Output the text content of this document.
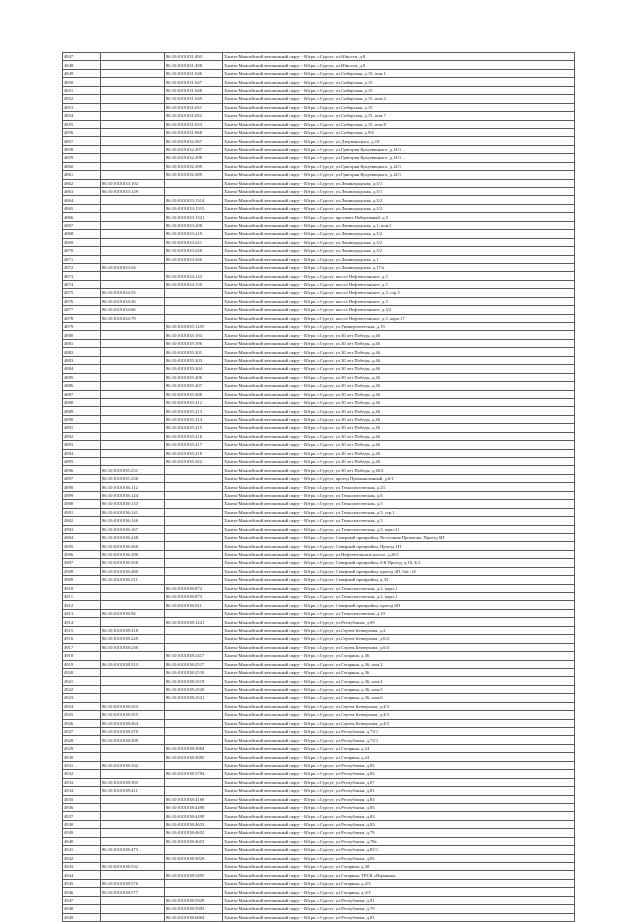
4847		86:10:0101031:493	Ханты-Мансийский автономный округ - Югра, г.Сургут, ул.Юности, д.8
4848		86:10:0101031:498	Ханты-Мансийский автономный округ - Югра, г.Сургут, ул.Юности, д.8
4849		86:10:0101031:646	Ханты-Мансийский автономный округ - Югра, г.Сургут, ул.Сибирская, д.15, пом.1
4850		86:10:0101031:647	Ханты-Мансийский автономный округ - Югра, г.Сургут, ул.Сибирская, д.15
4851		86:10:0101031:648	Ханты-Мансийский автономный округ - Югра, г.Сургут, ул.Сибирская, д.15
4852		86:10:0101031:649	Ханты-Мансийский автономный округ - Югра, г.Сургут, ул.Сибирская, д.15, пом.4
4853		86:10:0101031:651	Ханты-Мансийский автономный округ - Югра, г.Сургут, ул.Сибирская, д.15
4854		86:10:0101031:652	Ханты-Мансийский автономный округ - Югра, г.Сургут, ул.Сибирская, д.15, пом.7
4855		86:10:0101031:653	Ханты-Мансийский автономный округ - Югра, г.Сургут, ул.Сибирская, д.15, пом.8
4856		86:10:0101031:968	Ханты-Мансийский автономный округ - Югра, г.Сургут, ул.Сибирская, д.9/6
4857		86:10:0101032:367	Ханты-Мансийский автономный округ - Югра, г.Сургут, ул.Дзержинского, д.18
4858		86:10:0101032:297	Ханты-Мансийский автономный округ - Югра, г.Сургут, ул.Григория Кукуевицкого, д.14/1
4859		86:10:0101032:298	Ханты-Мансийский автономный округ - Югра, г.Сургут, ул.Григория Кукуевицкого, д.14/1
4860		86:10:0101032:299	Ханты-Мансийский автономный округ - Югра, г.Сургут, ул.Григория Кукуевицкого, д.14/1
4861		86:10:0101032:289	Ханты-Мансийский автономный округ - Югра, г.Сургут, ул.Григория Кукуевицкого, д.14/1
4862	86:10:0101033:102		Ханты-Мансийский автономный округ - Югра, г.Сургут, ул.Ленинградская, д.3/1
4863	86:10:0101033:129		Ханты-Мансийский автономный округ - Югра, г.Сургут, ул.Ленинградская, д.3/1
4864		86:10:0101033:1314	Ханты-Мансийский автономный округ - Югра, г.Сургут, ул.Ленинградская, д.3/2
4865		86:10:0101033:1315	Ханты-Мансийский автономный округ - Югра, г.Сургут, ул.Ленинградская, д.3/2
4866		86:10:0101033:1321	Ханты-Мансийский автономный округ - Югра, г.Сургут, проспект Набережный, д.9
4867		86:10:0101033:208	Ханты-Мансийский автономный округ - Югра, г.Сургут, ул.Ленинградская, д.1, пом.1
4868		86:10:0101033:219	Ханты-Мансийский автономный округ - Югра, г.Сургут, ул.Ленинградская, д.3/2
4869		86:10:0101033:221	Ханты-Мансийский автономный округ - Югра, г.Сургут, ул.Ленинградская, д.3/2
4870		86:10:0101033:226	Ханты-Мансийский автономный округ - Югра, г.Сургут, ул.Ленинградская, д.3/2
4871		86:10:0101033:346	Ханты-Мансийский автономный округ - Югра, г.Сургут, ул.Ленинградская, д.1
4872	86:10:0101033:94		Ханты-Мансийский автономный округ - Югра, г.Сургут, ул.Ленинградская, д.17/а
4873		86:10:0101034:143	Ханты-Мансийский автономный округ - Югра, г.Сургут, шоссе Нефтеюганское, д.5
4874		86:10:0101034:150	Ханты-Мансийский автономный округ - Югра, г.Сургут, шоссе Нефтеюганское, д.5
4875	86:10:0101034:55		Ханты-Мансийский автономный округ - Югра, г.Сургут, шоссе Нефтеюганское, д.3, стр.5
4876	86:10:0101034:56		Ханты-Мансийский автономный округ - Югра, г.Сургут, шоссе Нефтеюганское, д.3
4877	86:10:0101034:66		Ханты-Мансийский автономный округ - Югра, г.Сургут, шоссе Нефтеюганское, д.3/2
4878	86:10:0101034:78		Ханты-Мансийский автономный округ - Югра, г.Сургут, шоссе Нефтеюганское, д.5, корп.17
4879		86:10:0101035:1255	Ханты-Мансийский автономный округ - Югра, г.Сургут, ул.Университетская, д.19
4880		86:10:0101035:194	Ханты-Мансийский автономный округ - Югра, г.Сургут, ул.30 лет Победы, д.46
4881		86:10:0101035:196	Ханты-Мансийский автономный округ - Югра, г.Сургут, ул.30 лет Победы, д.46
4882		86:10:0101035:201	Ханты-Мансийский автономный округ - Югра, г.Сургут, ул.30 лет Победы, д.46
4883		86:10:0101035:203	Ханты-Мансийский автономный округ - Югра, г.Сургут, ул.30 лет Победы, д.46
4884		86:10:0101035:204	Ханты-Мансийский автономный округ - Югра, г.Сургут, ул.30 лет Победы, д.46
4885		86:10:0101035:206	Ханты-Мансийский автономный округ - Югра, г.Сургут, ул.30 лет Победы, д.46
4886		86:10:0101035:207	Ханты-Мансийский автономный округ - Югра, г.Сургут, ул.30 лет Победы, д.46
4887		86:10:0101035:208	Ханты-Мансийский автономный округ - Югра, г.Сургут, ул.30 лет Победы, д.46
4888		86:10:0101035:212	Ханты-Мансийский автономный округ - Югра, г.Сургут, ул.30 лет Победы, д.46
4889		86:10:0101035:213	Ханты-Мансийский автономный округ - Югра, г.Сургут, ул.30 лет Победы, д.46
4890		86:10:0101035:214	Ханты-Мансийский автономный округ - Югра, г.Сургут, ул.30 лет Победы, д.46
4891		86:10:0101035:215	Ханты-Мансийский автономный округ - Югра, г.Сургут, ул.30 лет Победы, д.46
4892		86:10:0101035:216	Ханты-Мансийский автономный округ - Югра, г.Сургут, ул.30 лет Победы, д.46
4893		86:10:0101035:217	Ханты-Мансийский автономный округ - Югра, г.Сургут, ул.30 лет Победы, д.46
4894		86:10:0101035:218	Ханты-Мансийский автономный округ - Югра, г.Сургут, ул.30 лет Победы, д.46
4895		86:10:0101035:222	Ханты-Мансийский автономный округ - Югра, г.Сургут, ул.30 лет Победы, д.46
4896	86:10:0101035:231		Ханты-Мансийский автономный округ - Югра, г.Сургут, ул.30 лет Победы, д.46/2
4897	86:10:0101035:236		Ханты-Мансийский автономный округ - Югра, г.Сургут, проезд Промышленный, д.6/1
4898	86:10:0101036:112		Ханты-Мансийский автономный округ - Югра, г.Сургут, ул.Технологическая, д.23
4899	86:10:0101036:124		Ханты-Мансийский автономный округ - Югра, г.Сургут, ул.Технологическая, д.8
4900	86:10:0101036:133		Ханты-Мансийский автономный округ - Югра, г.Сургут, ул.Технологическая, д.5
4901	86:10:0101036:141		Ханты-Мансийский автономный округ - Югра, г.Сургут, ул.Технологическая, д.5, стр.1
4902	86:10:0101036:146		Ханты-Мансийский автономный округ - Югра, г.Сургут, ул.Технологическая, д.5
4903	86:10:0101036:167		Ханты-Мансийский автономный округ - Югра, г.Сургут, ул.Технологическая, д.5, корп.31
4904	86:10:0101036:248		Ханты-Мансийский автономный округ - Югра, г.Сургут, Северный промрайон, Восточная Промзона, Проезд 6П
4905	86:10:0101036:260		Ханты-Мансийский автономный округ - Югра, г.Сургут, Северный промрайон, Проезд 1П
4906	86:10:0101036:290		Ханты-Мансийский автономный округ - Югра, г.Сургут, ул.Нефтеюганское шоссе, д.26/1
4907	86:10:0101036:358		Ханты-Мансийский автономный округ - Югра, г.Сургут, Северный промрайон, 6-й Проезд, д.10, Б.2
4908	86:10:0101036:480		Ханты-Мансийский автономный округ - Югра, г.Сургут, Северный промрайон, проезд 4П, бат.-14
4909	86:10:0101036:511		Ханты-Мансийский автономный округ - Югра, г.Сургут, Северный промрайон, д.33
4910		86:10:0101036:872	Ханты-Мансийский автономный округ - Югра, г.Сургут, ул.Технологическая, д.2, корп.1
4911		86:10:0101036:873	Ханты-Мансийский автономный округ - Югра, г.Сургут, ул.Технологическая, д.2, корп.1
4912		86:10:0101036:911	Ханты-Мансийский автономный округ - Югра, г.Сургут, Северный промрайон, проезд 6П
4913	86:10:0101036:92		Ханты-Мансийский автономный округ - Югра, г.Сургут, ул.Технологическая, д.19
4914		86:10:0101038:1221	Ханты-Мансийский автономный округ - Югра, г.Сургут, ул.Республики, д.69
4915	86:10:0101038:218		Ханты-Мансийский автономный округ - Югра, г.Сургут, ул.Сергея Безверхова, д.2
4916	86:10:0101038:229		Ханты-Мансийский автономный округ - Югра, г.Сургут, ул.Сергея Безверхова, д.6/4
4917	86:10:0101038:230		Ханты-Мансийский автономный округ - Югра, г.Сургут, ул.Сергея Безверхова, д.6/4
4918		86:10:0101038:2417	Ханты-Мансийский автономный округ - Югра, г.Сургут, ул.Гагарина, д.36
4919	86:10:0101038:513	86:10:0101038:2517	Ханты-Мансийский автономный округ - Югра, г.Сургут, ул.Гагарина, д.36, пом.2
4920		86:10:0101038:2518	Ханты-Мансийский автономный округ - Югра, г.Сургут, ул.Гагарина, д.36
4921		86:10:0101038:2519	Ханты-Мансийский автономный округ - Югра, г.Сургут, ул.Гагарина, д.36, пом.4
4922		86:10:0101038:2520	Ханты-Мансийский автономный округ - Югра, г.Сургут, ул.Гагарина, д.36, пом.5
4923		86:10:0101038:2521	Ханты-Мансийский автономный округ - Югра, г.Сургут, ул.Гагарина, д.36, пом.6
4924	86:10:0101038:253		Ханты-Мансийский автономный округ - Югра, г.Сургут, ул.Сергея Безверхова, д.4/3
4925	86:10:0101038:255		Ханты-Мансийский автономный округ - Югра, г.Сургут, ул.Сергея Безверхова, д.4/3
4926	86:10:0101038:264		Ханты-Мансийский автономный округ - Югра, г.Сургут, ул.Сергея Безверхова, д.4/3
4927	86:10:0101038:270		Ханты-Мансийский автономный округ - Югра, г.Сургут, ул.Республики, д.73/1
4928	86:10:0101038:309		Ханты-Мансийский автономный округ - Югра, г.Сургут, ул.Республики, д.73/1
4929		86:10:0101038:3084	Ханты-Мансийский автономный округ - Югра, г.Сургут, ул.Гагарина, д.24
4930		86:10:0101038:3085	Ханты-Мансийский автономный округ - Югра, г.Сургут, ул.Гагарина, д.24
4931	86:10:0101038:332		Ханты-Мансийский автономный округ - Югра, г.Сургут, ул.Республики, д.85
4932		86:10:0101038:3794	Ханты-Мансийский автономный округ - Югра, г.Сургут, ул.Республики, д.83
4933	86:10:0101038:393		Ханты-Мансийский автономный округ - Югра, г.Сургут, ул.Республики, д.67
4934	86:10:0101038:411		Ханты-Мансийский автономный округ - Югра, г.Сургут, ул.Республики, д.81
4935		86:10:0101038:4169	Ханты-Мансийский автономный округ - Югра, г.Сургут, ул.Республики, д.83
4936		86:10:0101038:4498	Ханты-Мансийский автономный округ - Югра, г.Сургут, ул.Республики, д.83
4937		86:10:0101038:4499	Ханты-Мансийский автономный округ - Югра, г.Сургут, ул.Республики, д.83
4938		86:10:0101038:4633	Ханты-Мансийский автономный округ - Югра, г.Сургут, ул.Республики, д.83
4939		86:10:0101038:4652	Ханты-Мансийский автономный округ - Югра, г.Сургут, ул.Республики, д.79
4940		86:10:0101038:4653	Ханты-Мансийский автономный округ - Югра, г.Сургут, ул.Республики, д.78а
4941	86:10:0101038:473		Ханты-Мансийский автономный округ - Югра, г.Сургут, ул.Республики, д.85/1
4942		86:10:0101038:5029	Ханты-Мансийский автономный округ - Югра, г.Сургут, ул.Республики, д.83
4943	86:10:0101038:532		Ханты-Мансийский автономный округ - Югра, г.Сургут, ул.Гагарина, д.38
4944		86:10:0101038:5495	Ханты-Мансийский автономный округ - Югра, г.Сургут, ул.Гагарина, ТРСК «Вершина»
4945	86:10:0101038:576		Ханты-Мансийский автономный округ - Югра, г.Сургут, ул.Гагарина, д.4/3
4946	86:10:0101038:577		Ханты-Мансийский автономный округ - Югра, г.Сургут, ул.Гагарина, д.4/3
4947		86:10:0101038:5929	Ханты-Мансийский автономный округ - Югра, г.Сургут, ул.Республики, д.81
4948		86:10:0101038:5993	Ханты-Мансийский автономный округ - Югра, г.Сургут, ул.Республики, д.79
4949		86:10:0101038:6004	Ханты-Мансийский автономный округ - Югра, г.Сургут, ул.Республики, д.81
